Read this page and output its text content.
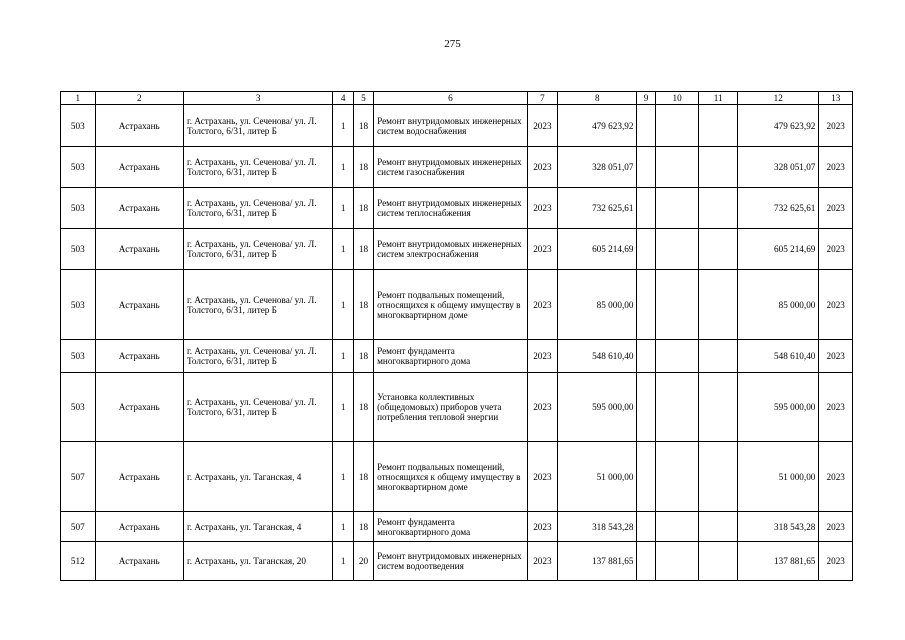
275
1	2	3	4	5	6	7	8	9	10	11	12	13
503	Астрахань	г. Астрахань, ул. Сеченова/ ул. Л. Толстого, 6/31, литер Б	1	18	Ремонт внутридомовых инженерных систем водоснабжения	2023	479 623,92				479 623,92	2023
503	Астрахань	г. Астрахань, ул. Сеченова/ ул. Л. Толстого, 6/31, литер Б	1	18	Ремонт внутридомовых инженерных систем газоснабжения	2023	328 051,07				328 051,07	2023
503	Астрахань	г. Астрахань, ул. Сеченова/ ул. Л. Толстого, 6/31, литер Б	1	18	Ремонт внутридомовых инженерных систем теплоснабжения	2023	732 625,61				732 625,61	2023
503	Астрахань	г. Астрахань, ул. Сеченова/ ул. Л. Толстого, 6/31, литер Б	1	18	Ремонт внутридомовых инженерных систем электроснабжения	2023	605 214,69				605 214,69	2023
503	Астрахань	г. Астрахань, ул. Сеченова/ ул. Л. Толстого, 6/31, литер Б	1	18	Ремонт подвальных помещений, относящихся к общему имуществу в многоквартирном доме	2023	85 000,00				85 000,00	2023
503	Астрахань	г. Астрахань, ул. Сеченова/ ул. Л. Толстого, 6/31, литер Б	1	18	Ремонт фундамента многоквартирного дома	2023	548 610,40				548 610,40	2023
503	Астрахань	г. Астрахань, ул. Сеченова/ ул. Л. Толстого, 6/31, литер Б	1	18	Установка коллективных (общедомовых) приборов учета потребления тепловой энергии	2023	595 000,00				595 000,00	2023
507	Астрахань	г. Астрахань, ул. Таганская, 4	1	18	Ремонт подвальных помещений, относящихся к общему имуществу в многоквартирном доме	2023	51 000,00				51 000,00	2023
507	Астрахань	г. Астрахань, ул. Таганская, 4	1	18	Ремонт фундамента многоквартирного дома	2023	318 543,28				318 543,28	2023
512	Астрахань	г. Астрахань, ул. Таганская, 20	1	20	Ремонт внутридомовых инженерных систем водоотведения	2023	137 881,65				137 881,65	2023
